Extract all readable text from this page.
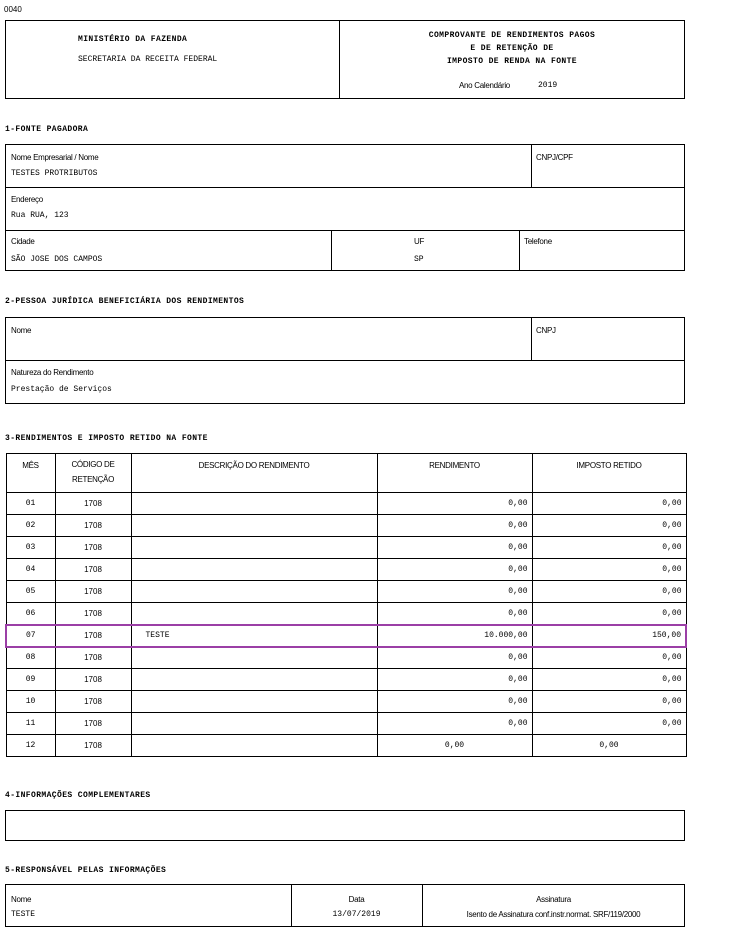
0040
MINISTÉRIO DA FAZENDA
SECRETARIA DA RECEITA FEDERAL
COMPROVANTE DE RENDIMENTOS PAGOS
E DE RETENÇÃO DE
IMPOSTO DE RENDA NA FONTE
Ano Calendário	2019
1-FONTE PAGADORA
Nome Empresarial / Nome
TESTES PROTRIBUTOS
CNPJ/CPF
Endereço
Rua RUA, 123
Cidade
SÃO JOSE DOS CAMPOS
UF
SP
Telefone
2-PESSOA JURÍDICA BENEFICIÁRIA DOS RENDIMENTOS
Nome	CNPJ
Natureza do Rendimento
Prestação de Serviços
3-RENDIMENTOS E IMPOSTO RETIDO NA FONTE
MÊS	CÓDIGO DE
RETENÇÃO	DESCRIÇÃO DO RENDIMENTO	RENDIMENTO	IMPOSTO RETIDO
01	1708		0,00	0,00
02	1708		0,00	0,00
03	1708		0,00	0,00
04	1708		0,00	0,00
05	1708		0,00	0,00
06	1708		0,00	0,00
07	1708	TESTE	10.000,00	150,00
08	1708		0,00	0,00
09	1708		0,00	0,00
10	1708		0,00	0,00
11	1708		0,00	0,00
12	1708		0,00	0,00
4-INFORMAÇÕES COMPLEMENTARES
5-RESPONSÁVEL PELAS INFORMAÇÕES
Nome
TESTE
Data
13/07/2019
Assinatura
Isento de Assinatura conf.instr.normat. SRF/119/2000
